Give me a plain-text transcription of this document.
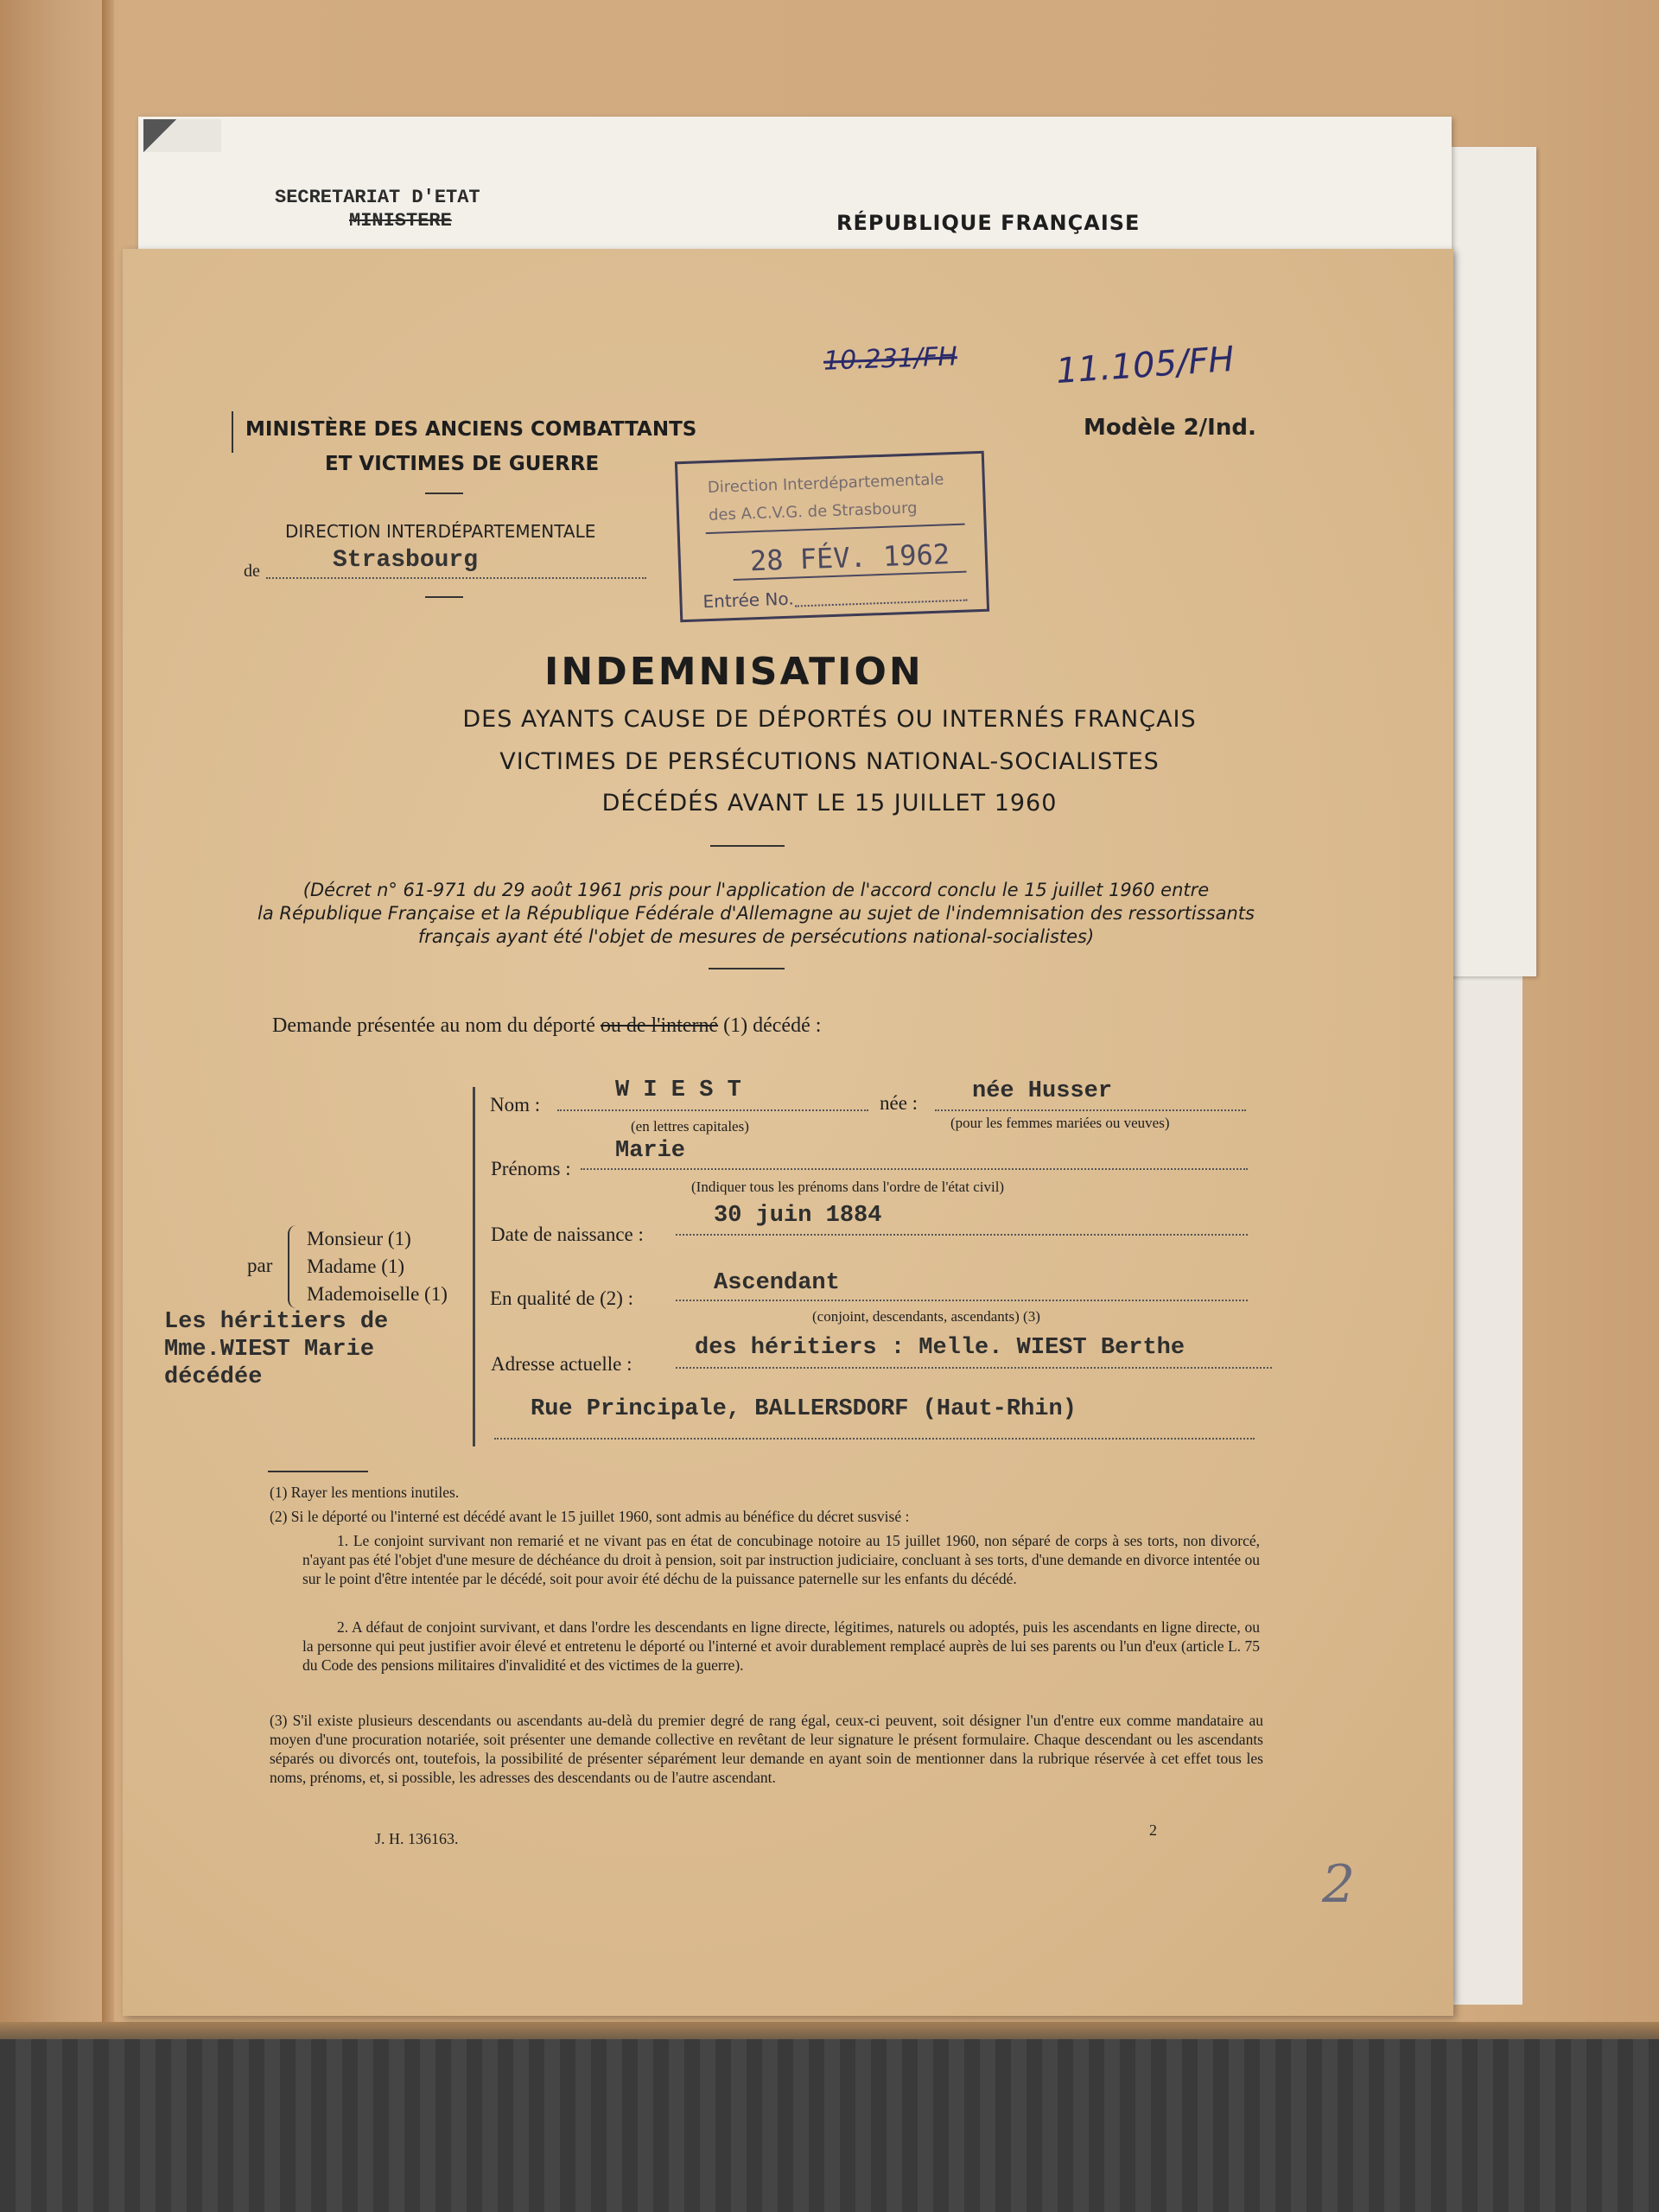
SECRETARIAT D'ETAT
MINISTERE	RÉPUBLIQUE FRANÇAISE
10.231/FH	11.105/FH
Modèle 2/Ind.
MINISTÈRE DES ANCIENS COMBATTANTS
ET VICTIMES DE GUERRE
DIRECTION INTERDÉPARTEMENTALE
de	Strasbourg
Direction Interdépartementale
des A.C.V.G. de Strasbourg
28 FÉV. 1962
Entrée No.
INDEMNISATION
DES AYANTS CAUSE DE DÉPORTÉS OU INTERNÉS FRANÇAIS
VICTIMES DE PERSÉCUTIONS NATIONAL-SOCIALISTES
DÉCÉDÉS AVANT LE 15 JUILLET 1960
(Décret n° 61-971 du 29 août 1961 pris pour l'application de l'accord conclu le 15 juillet 1960 entre
la République Française et la République Fédérale d'Allemagne au sujet de l'indemnisation des ressortissants
français ayant été l'objet de mesures de persécutions national-socialistes)
Demande présentée au nom du déporté ou de l'interné (1) décédé :
Nom :
W I E S T
(en lettres capitales)
née : née Husser
(pour les femmes mariées ou veuves)
Prénoms :
Marie
(Indiquer tous les prénoms dans l'ordre de l'état civil)
Date de naissance :
30 juin 1884
En qualité de (2) :
Ascendant
(conjoint, descendants, ascendants) (3)
Adresse actuelle :
des héritiers : Melle. WIEST Berthe
Rue Principale, BALLERSDORF (Haut-Rhin)
par
Monsieur (1)
Madame (1)
Mademoiselle (1)
Les héritiers de
Mme.WIEST Marie
décédée
(1) Rayer les mentions inutiles.
(2) Si le déporté ou l'interné est décédé avant le 15 juillet 1960, sont admis au bénéfice du décret susvisé :
1. Le conjoint survivant non remarié et ne vivant pas en état de concubinage notoire au 15 juillet 1960, non séparé de corps à ses torts, non divorcé, n'ayant pas été l'objet d'une mesure de déchéance du droit à pension, soit par instruction judiciaire, concluant à ses torts, d'une demande en divorce intentée ou sur le point d'être intentée par le décédé, soit pour avoir été déchu de la puissance paternelle sur les enfants du décédé.
2. A défaut de conjoint survivant, et dans l'ordre les descendants en ligne directe, légitimes, naturels ou adoptés, puis les ascendants en ligne directe, ou la personne qui peut justifier avoir élevé et entretenu le déporté ou l'interné et avoir durablement remplacé auprès de lui ses parents ou l'un d'eux (article L. 75 du Code des pensions militaires d'invalidité et des victimes de la guerre).
(3) S'il existe plusieurs descendants ou ascendants au-delà du premier degré de rang égal, ceux-ci peuvent, soit désigner l'un d'entre eux comme mandataire au moyen d'une procuration notariée, soit présenter une demande collective en revêtant de leur signature le présent formulaire. Chaque descendant ou les ascendants séparés ou divorcés ont, toutefois, la possibilité de présenter séparément leur demande en ayant soin de mentionner dans la rubrique réservée à cet effet tous les noms, prénoms, et, si possible, les adresses des descendants ou de l'autre ascendant.
J. H. 136163.	2
2
